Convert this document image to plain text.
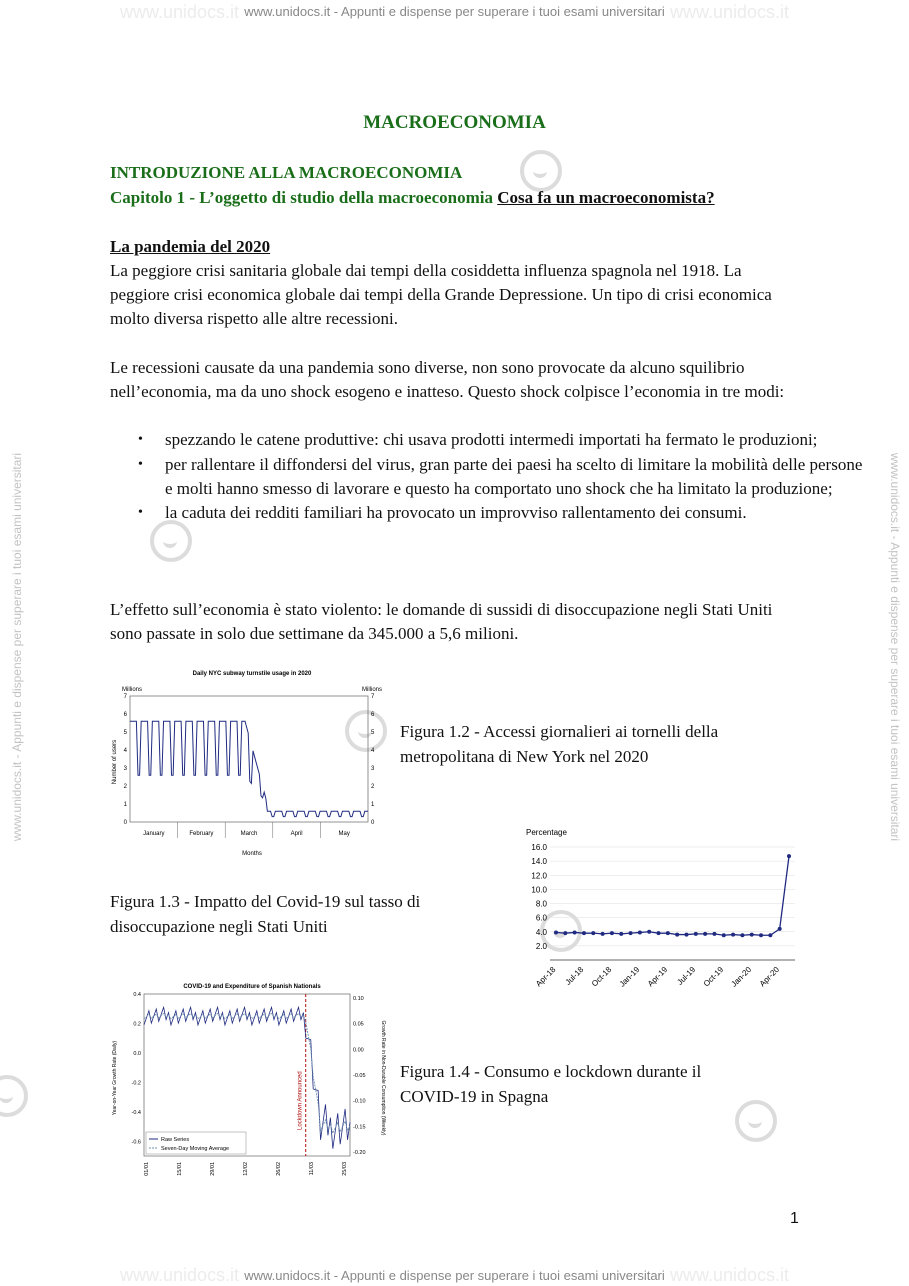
www.unidocs.it - Appunti e dispense per superare i tuoi esami universitari
www.unidocs.it - Appunti e dispense per superare i tuoi esami universitari
www.unidocs.it	www.unidocs.it
www.unidocs.it	www.unidocs.it
www.unidocs.it - Appunti e dispense per superare i tuoi esami universitari	www.unidocs.it - Appunti e dispense per superare i tuoi esami universitari
MACROECONOMIA
INTRODUZIONE ALLA MACROECONOMIA
Capitolo 1 - L’oggetto di studio della macroeconomia Cosa fa un macroeconomista?
La pandemia del 2020
La peggiore crisi sanitaria globale dai tempi della cosiddetta influenza spagnola nel 1918. La peggiore crisi economica globale dai tempi della Grande Depressione. Un tipo di crisi economica molto diversa rispetto alle altre recessioni.
Le recessioni causate da una pandemia sono diverse, non sono provocate da alcuno squilibrio nell’economia, ma da uno shock esogeno e inatteso. Questo shock colpisce l’economia in tre modi:
• spezzando le catene produttive: chi usava prodotti intermedi importati ha fermato le produzioni;
• per rallentare il diffondersi del virus, gran parte dei paesi ha scelto di limitare la mobilità delle persone e molti hanno smesso di lavorare e questo ha comportato uno shock che ha limitato la produzione;
• la caduta dei redditi familiari ha provocato un improvviso rallentamento dei consumi.
L’effetto sull’economia è stato violento: le domande di sussidi di disoccupazione negli Stati Uniti sono passate in solo due settimane da 345.000 a 5,6 milioni.
Daily NYC subway turnstile usage in 2020
Millions	Millions
Number of users
Months
0	0
1	1
2	2
3	3
4	4
5	5
6	6
7	7
January	February	March	April	May
Figura 1.2 - Accessi giornalieri ai tornelli della metropolitana di New York nel 2020
Percentage
2.0
4.0
6.0
8.0
10.0
12.0
14.0
16.0
Apr-18 Jul-18 Oct-18 Jan-19 Apr-19 Jul-19 Oct-19 Jan-20 Apr-20
Figura 1.3 - Impatto del Covid-19 sul tasso di disoccupazione negli Stati Uniti
COVID-19 and Expenditure of Spanish Nationals
Year-on-Year Growth Rate (Daily)	Growth Rate in Non-Durable Consumption (Weekly)
0.4
0.2
0.0
-0.2
-0.4
-0.6
0.10
0.05
0.00
-0.05
-0.10
-0.15
-0.20
01/01	15/01	29/01	12/02	26/02	11/03	25/03
Lockdown Announced
Raw Series
Seven-Day Moving Average
Figura 1.4 - Consumo e lockdown durante il COVID-19 in Spagna
1
